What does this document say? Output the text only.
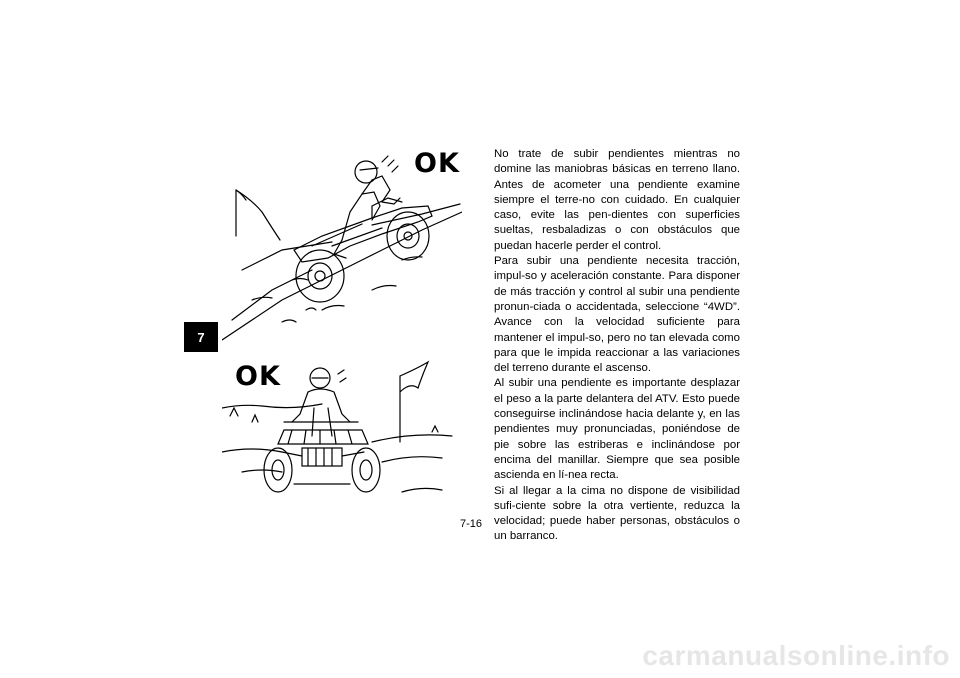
7
OK
OK

No trate de subir pendientes mientras no domine las maniobras básicas en terreno llano. Antes de acometer una pendiente examine siempre el terre-no con cuidado. En cualquier caso, evite las pen-dientes con superficies sueltas, resbaladizas o con obstáculos que puedan hacerle perder el control.

Para subir una pendiente necesita tracción, impul-so y aceleración constante. Para disponer de más tracción y control al subir una pendiente pronun-ciada o accidentada, seleccione “4WD”. Avance con la velocidad suficiente para mantener el impul-so, pero no tan elevada como para que le impida reaccionar a las variaciones del terreno durante el ascenso.

Al subir una pendiente es importante desplazar el peso a la parte delantera del ATV. Esto puede conseguirse inclinándose hacia delante y, en las pendientes muy pronunciadas, poniéndose de pie sobre las estriberas e inclinándose por encima del manillar. Siempre que sea posible ascienda en lí-nea recta.

Si al llegar a la cima no dispone de visibilidad sufi-ciente sobre la otra vertiente, reduzca la velocidad; puede haber personas, obstáculos o un barranco.

7-16
carmanualsonline.info
